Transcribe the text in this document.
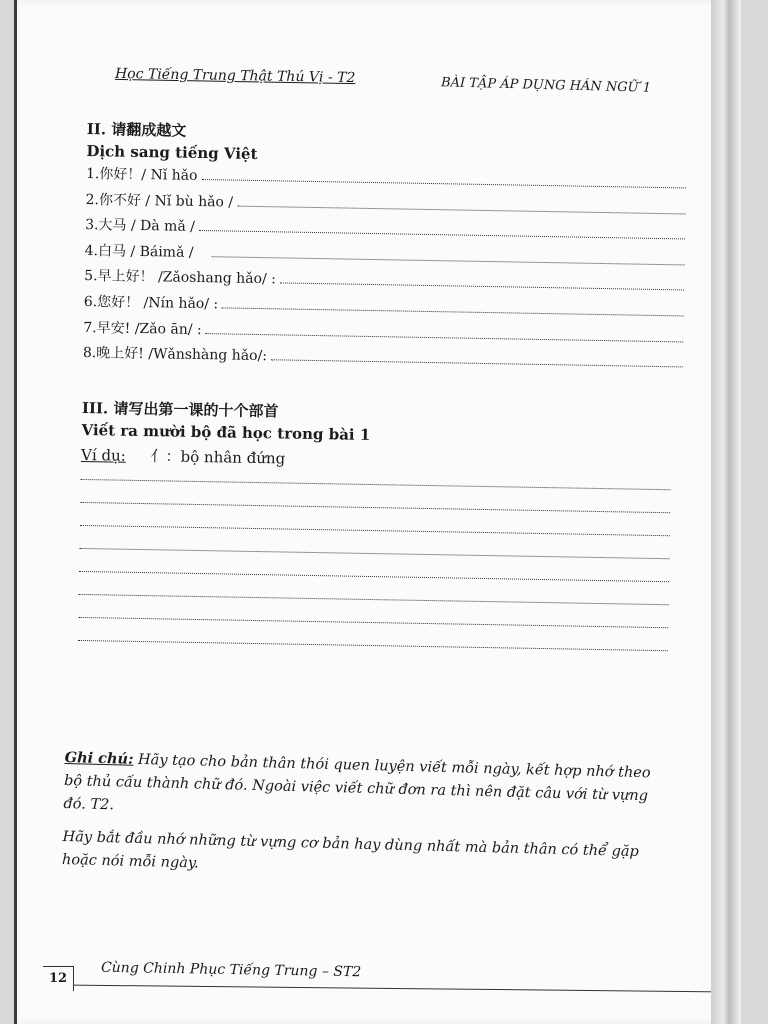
Học Tiếng Trung Thật Thú Vị - T2	BÀI TẬP ÁP DỤNG HÁN NGỮ 1
II. 请翻成越文
Dịch sang tiếng Việt
1.你好！/ Nǐ hǎo
2.你不好 / Nǐ bù hǎo /
3.大马 / Dà mǎ /
4.白马 / Báimǎ /
5.早上好！ /Zǎoshang hǎo/ :
6.您好！ /Nín hǎo/ :
7.早安! /Zǎo ān/ :
8.晚上好! /Wǎnshàng hǎo/:
III. 请写出第一课的十个部首
Viết ra mười bộ đã học trong bài 1
Ví dụ: 亻：bộ nhân đứng

Ghi chú: Hãy tạo cho bản thân thói quen luyện viết mỗi ngày, kết hợp nhớ theo bộ thủ cấu thành chữ đó. Ngoài việc viết chữ đơn ra thì nên đặt câu với từ vựng đó. T2.

Hãy bắt đầu nhớ những từ vựng cơ bản hay dùng nhất mà bản thân có thể gặp hoặc nói mỗi ngày.

12	Cùng Chinh Phục Tiếng Trung – ST2
